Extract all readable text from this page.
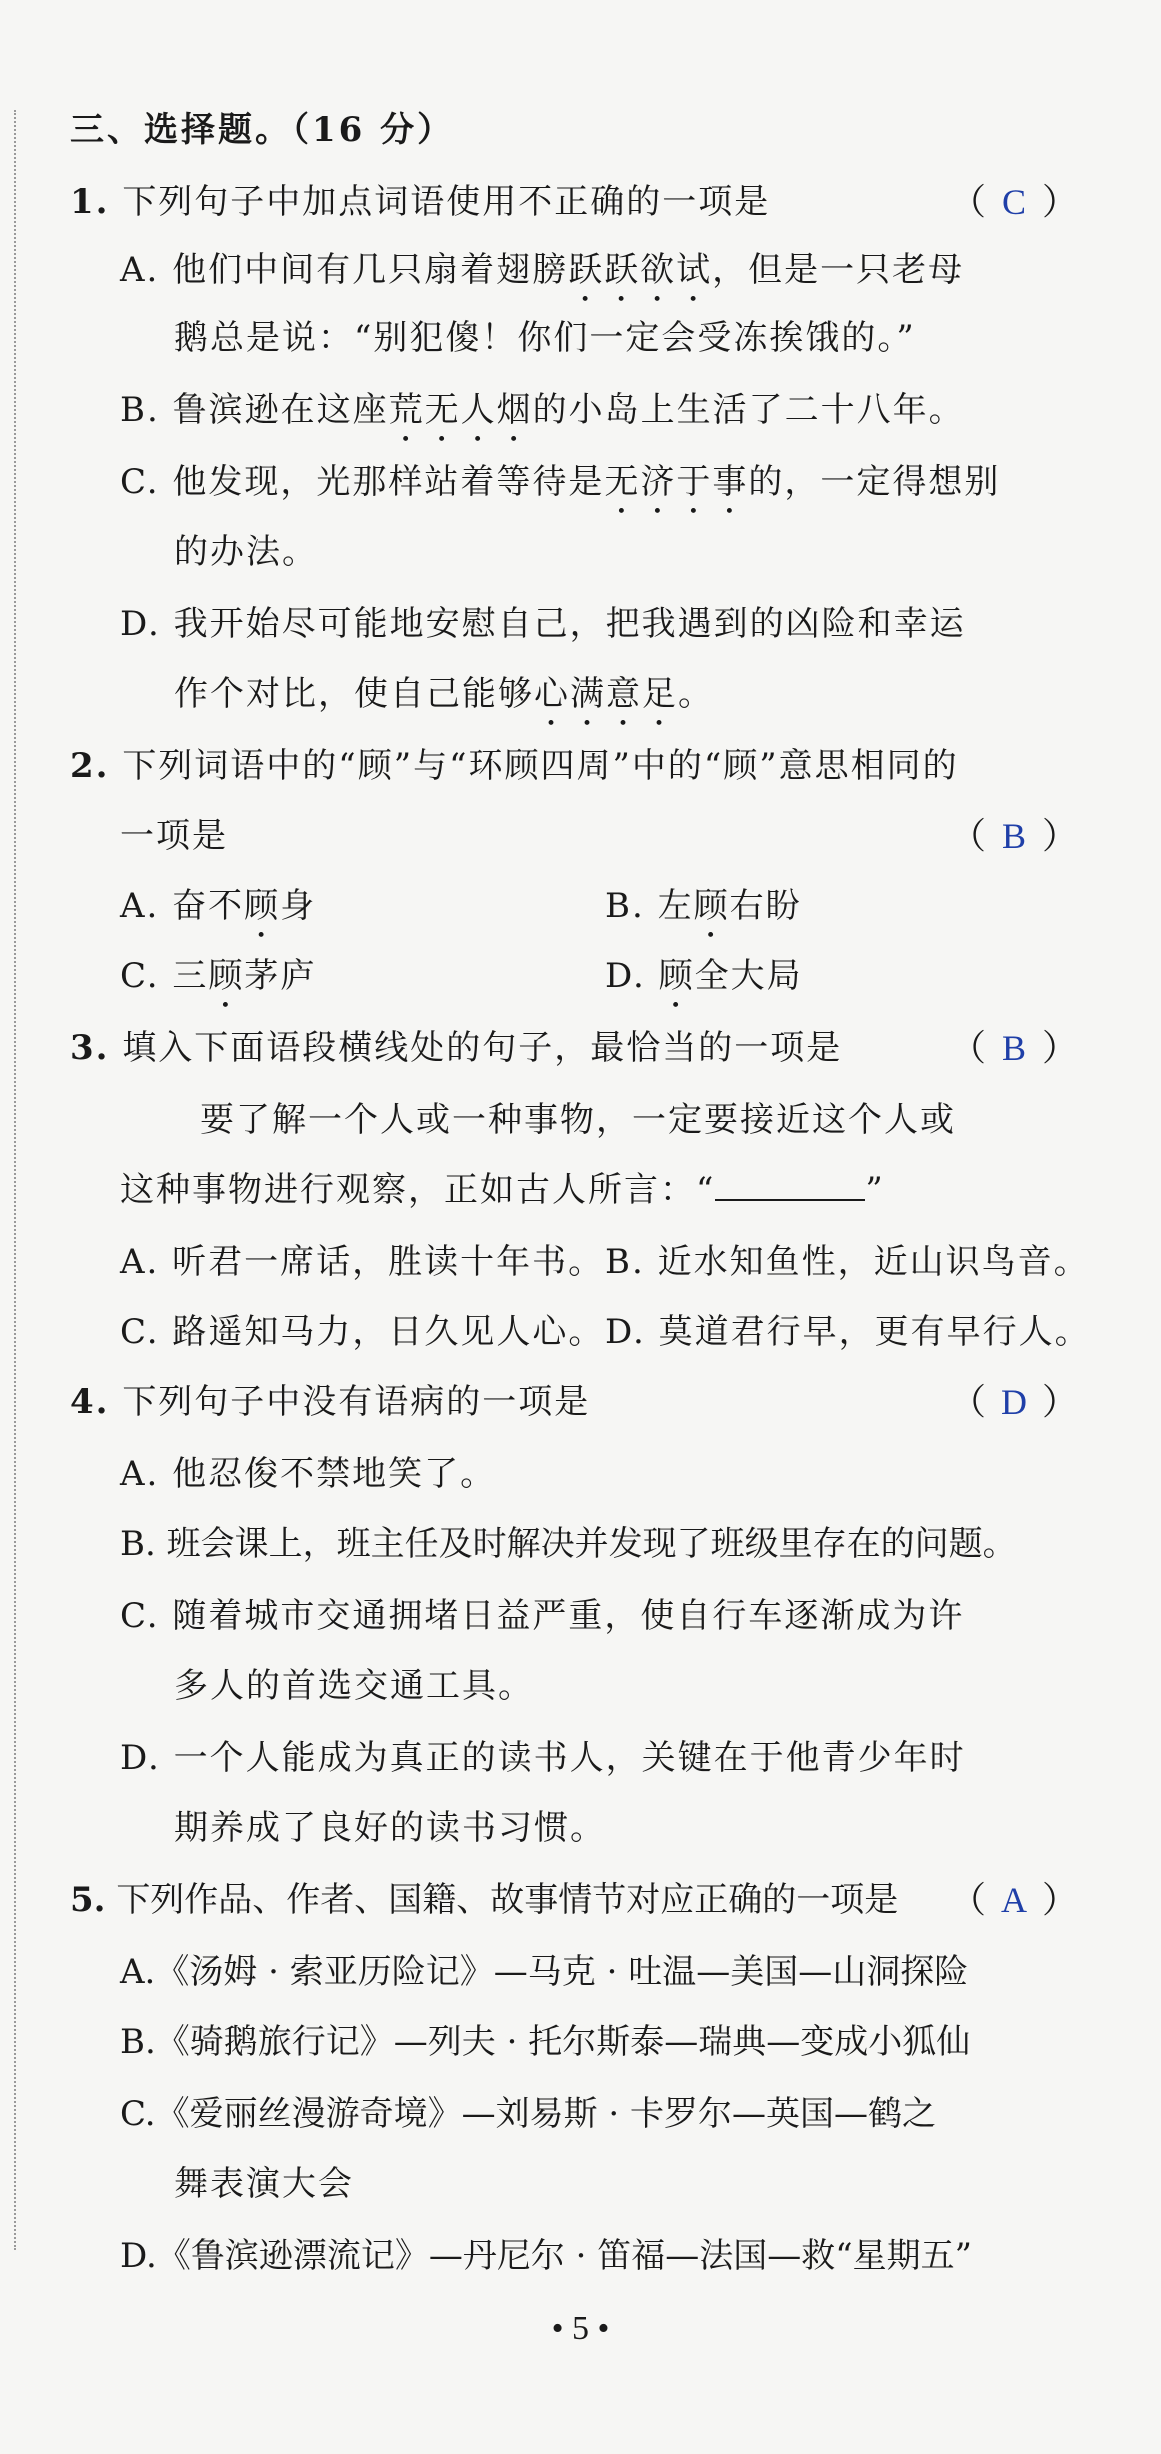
三、选择题。（16 分）
1. 下列句子中加点词语使用不正确的一项是	（ C ）
A. 他们中间有几只扇着翅膀跃跃欲试，但是一只老母
鹅总是说：“别犯傻！你们一定会受冻挨饿的。”
B. 鲁滨逊在这座荒无人烟的小岛上生活了二十八年。
C. 他发现，光那样站着等待是无济于事的，一定得想别
的办法。
D. 我开始尽可能地安慰自己，把我遇到的凶险和幸运
作个对比，使自己能够心满意足。
2. 下列词语中的“顾”与“环顾四周”中的“顾”意思相同的
一项是	（ B ）
A. 奋不顾身	B. 左顾右盼
C. 三顾茅庐	D. 顾全大局
3. 填入下面语段横线处的句子，最恰当的一项是	（ B ）
要了解一个人或一种事物，一定要接近这个人或
这种事物进行观察，正如古人所言：“	”
A. 听君一席话，胜读十年书。 B. 近水知鱼性，近山识鸟音。
C. 路遥知马力，日久见人心。 D. 莫道君行早，更有早行人。
4. 下列句子中没有语病的一项是	（ D ）
A. 他忍俊不禁地笑了。
B. 班会课上，班主任及时解决并发现了班级里存在的问题。
C. 随着城市交通拥堵日益严重，使自行车逐渐成为许
多人的首选交通工具。
D. 一个人能成为真正的读书人，关键在于他青少年时
期养成了良好的读书习惯。
5. 下列作品、作者、国籍、故事情节对应正确的一项是 （ A ）
A.《汤姆 · 索亚历险记》—马克 · 吐温—美国—山洞探险
B.《骑鹅旅行记》—列夫 · 托尔斯泰—瑞典—变成小狐仙
C.《爱丽丝漫游奇境》—刘易斯 · 卡罗尔—英国—鹤之
舞表演大会
D.《鲁滨逊漂流记》—丹尼尔 · 笛福—法国—救“星期五”
• 5 •
